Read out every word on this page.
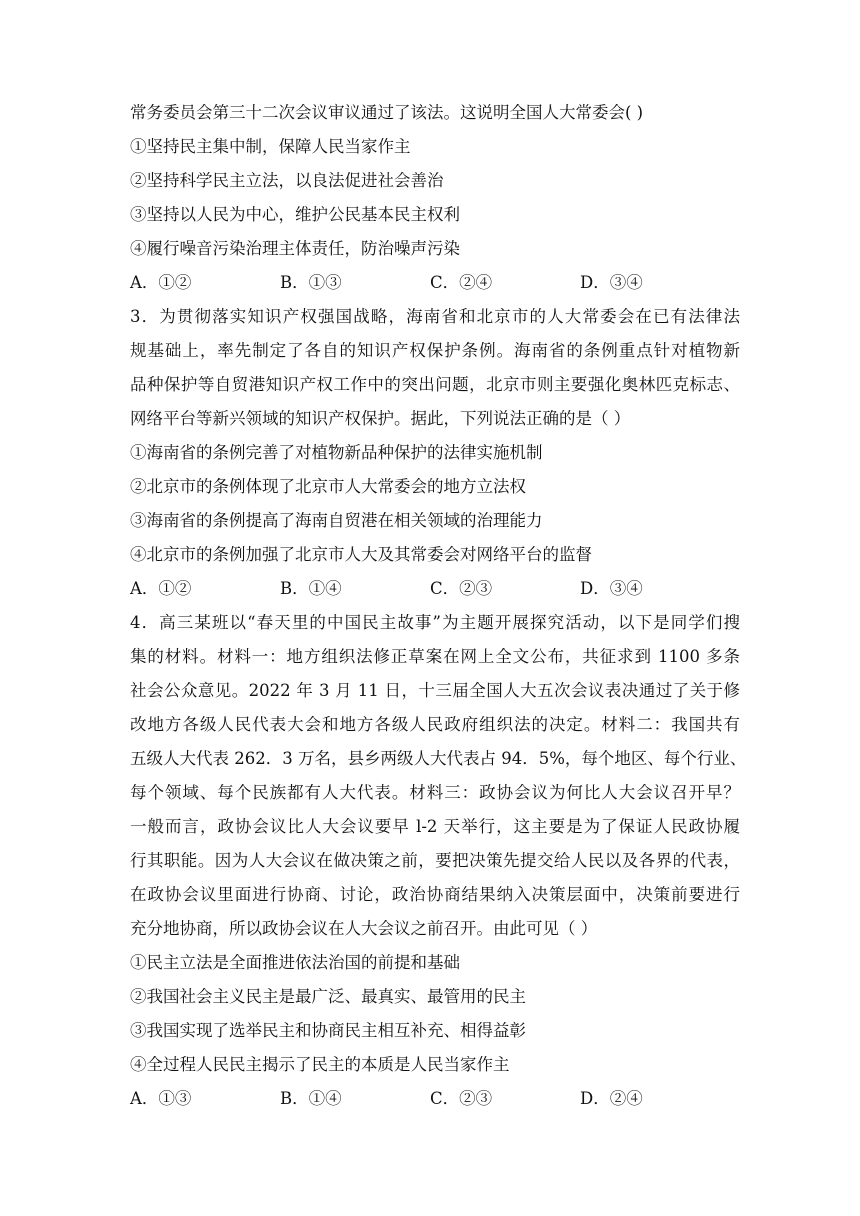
常务委员会第三十二次会议审议通过了该法。这说明全国人大常委会( )
①坚持民主集中制，保障人民当家作主
②坚持科学民主立法，以良法促进社会善治
③坚持以人民为中心，维护公民基本民主权利
④履行噪音污染治理主体责任，防治噪声污染
A．①②	B．①③	C．②④	D．③④
3．为贯彻落实知识产权强国战略，海南省和北京市的人大常委会在已有法律法
规基础上，率先制定了各自的知识产权保护条例。海南省的条例重点针对植物新
品种保护等自贸港知识产权工作中的突出问题，北京市则主要强化奥林匹克标志、
网络平台等新兴领域的知识产权保护。据此，下列说法正确的是（ ）
①海南省的条例完善了对植物新品种保护的法律实施机制
②北京市的条例体现了北京市人大常委会的地方立法权
③海南省的条例提高了海南自贸港在相关领域的治理能力
④北京市的条例加强了北京市人大及其常委会对网络平台的监督
A．①②	B．①④	C．②③	D．③④
4．高三某班以“春天里的中国民主故事”为主题开展探究活动，以下是同学们搜
集的材料。材料一：地方组织法修正草案在网上全文公布，共征求到 1100 多条
社会公众意见。2022 年 3 月 11 日，十三届全国人大五次会议表决通过了关于修
改地方各级人民代表大会和地方各级人民政府组织法的决定。材料二：我国共有
五级人大代表 262．3 万名，县乡两级人大代表占 94．5%，每个地区、每个行业、
每个领域、每个民族都有人大代表。材料三：政协会议为何比人大会议召开早？
一般而言，政协会议比人大会议要早 l-2 天举行，这主要是为了保证人民政协履
行其职能。因为人大会议在做决策之前，要把决策先提交给人民以及各界的代表，
在政协会议里面进行协商、讨论，政治协商结果纳入决策层面中，决策前要进行
充分地协商，所以政协会议在人大会议之前召开。由此可见（ ）
①民主立法是全面推进依法治国的前提和基础
②我国社会主义民主是最广泛、最真实、最管用的民主
③我国实现了选举民主和协商民主相互补充、相得益彰
④全过程人民民主揭示了民主的本质是人民当家作主
A．①③	B．①④	C．②③	D．②④
